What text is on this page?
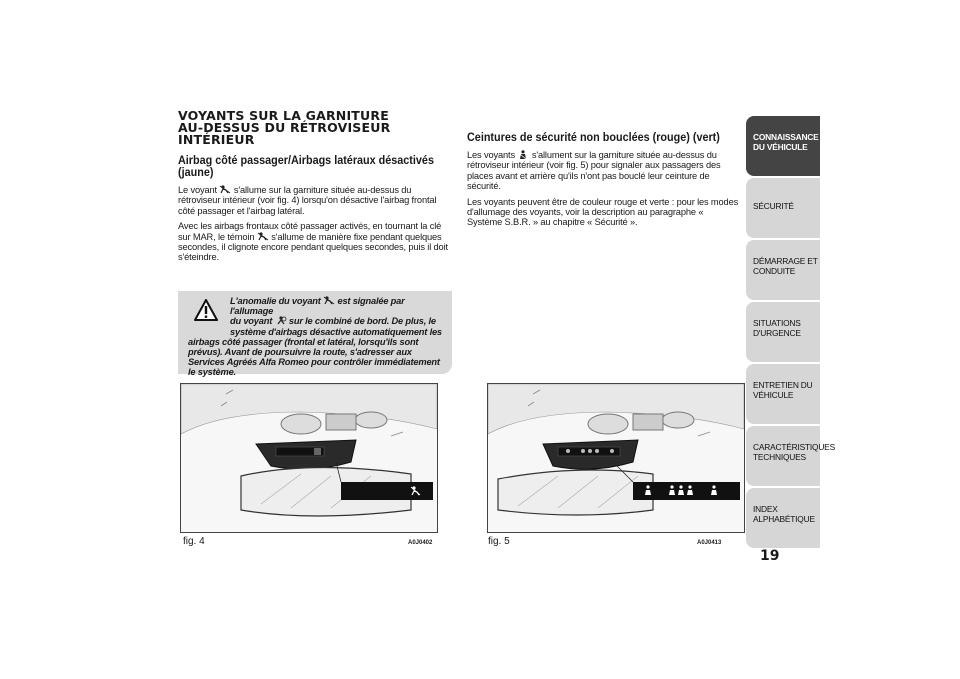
VOYANTS SUR LA GARNITURE
AU-DESSUS DU RÉTROVISEUR
INTÉRIEUR
Airbag côté passager/Airbags latéraux désactivés
(jaune)

Le voyant s'allume sur la garniture située au-dessus du rétroviseur intérieur (voir fig. 4) lorsqu'on désactive l'airbag frontal côté passager et l'airbag latéral.

Avec les airbags frontaux côté passager activés, en tournant la clé sur MAR, le témoin s'allume de manière fixe pendant quelques secondes, il clignote encore pendant quelques secondes, puis il doit s'éteindre.

L'anomalie du voyant est signalée par l'allumage
du voyant sur le combiné de bord. De plus, le
système d'airbags désactive automatiquement les
airbags côté passager (frontal et latéral, lorsqu'ils sont prévus). Avant de poursuivre la route, s'adresser aux Services Agréés Alfa Romeo pour contrôler immédiatement le système.
fig. 4	A0J0402
Ceintures de sécurité non bouclées (rouge) (vert)

Les voyants s'allument sur la garniture située au-dessus du rétroviseur intérieur (voir fig. 5) pour signaler aux passagers des places avant et arrière qu'ils n'ont pas bouclé leur ceinture de sécurité.

Les voyants peuvent être de couleur rouge et verte : pour les modes d'allumage des voyants, voir la description au paragraphe « Système S.B.R. » au chapitre « Sécurité ».

fig. 5	A0J0413
CONNAISSANCE
DU VÉHICULE
SÉCURITÉ
DÉMARRAGE ET
CONDUITE
SITUATIONS
D'URGENCE
ENTRETIEN DU
VÉHICULE
CARACTÉRISTIQUES
TECHNIQUES
INDEX
ALPHABÉTIQUE
19
